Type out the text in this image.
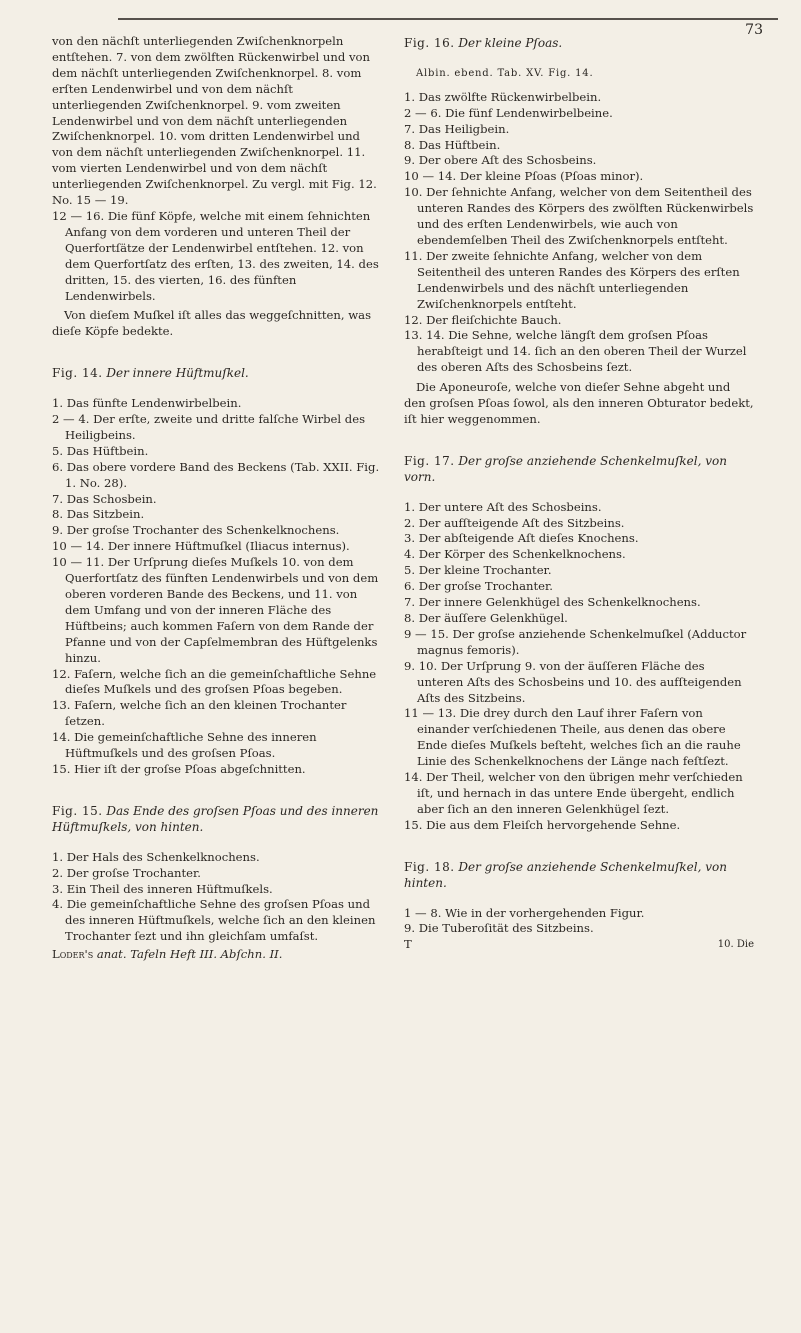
73

von den nächſt unterliegenden Zwiſchenknorpeln entſtehen. 7. von dem zwölften Rückenwirbel und von dem nächſt unterliegenden Zwiſchenknorpel. 8. vom erſten Lendenwirbel und von dem nächſt unterliegenden Zwiſchenknorpel. 9. vom zweiten Lendenwirbel und von dem nächſt unterliegenden Zwiſchenknorpel. 10. vom dritten Lendenwirbel und von dem nächſt unterliegenden Zwiſchenknorpel. 11. vom vierten Lendenwirbel und von dem nächſt unterliegenden Zwiſchenknorpel. Zu vergl. mit Fig. 12. No. 15 — 19.

12 — 16. Die fünf Köpfe, welche mit einem ſehnichten Anfang von dem vorderen und unteren Theil der Querfortſätze der Lendenwirbel entſtehen. 12. von dem Querfortſatz des erſten, 13. des zweiten, 14. des dritten, 15. des vierten, 16. des fünften Lendenwirbels.

Von dieſem Muſkel iſt alles das weggeſchnitten, was dieſe Köpfe bedekte.

Fig. 14. Der innere Hüftmuſkel.

1. Das fünfte Lendenwirbelbein.

2 — 4. Der erſte, zweite und dritte falſche Wirbel des Heiligbeins.

5. Das Hüftbein.

6. Das obere vordere Band des Beckens (Tab. XXII. Fig. 1. No. 28).

7. Das Schosbein.

8. Das Sitzbein.

9. Der groſse Trochanter des Schenkelknochens.

10 — 14. Der innere Hüftmuſkel (Iliacus internus).

10 — 11. Der Urſprung dieſes Muſkels 10. von dem Querfortſatz des fünften Lendenwirbels und von dem oberen vorderen Bande des Beckens, und 11. von dem Umfang und von der inneren Fläche des Hüftbeins; auch kommen Faſern von dem Rande der Pfanne und von der Capſelmembran des Hüftgelenks hinzu.

12. Faſern, welche ſich an die gemeinſchaftliche Sehne dieſes Muſkels und des groſsen Pſoas begeben.

13. Faſern, welche ſich an den kleinen Trochanter ſetzen.

14. Die gemeinſchaftliche Sehne des inneren Hüftmuſkels und des groſsen Pſoas.

15. Hier iſt der groſse Pſoas abgeſchnitten.

Fig. 15. Das Ende des groſsen Pſoas und des inneren Hüftmuſkels, von hinten.

1. Der Hals des Schenkelknochens.

2. Der groſse Trochanter.

3. Ein Theil des inneren Hüftmuſkels.

4. Die gemeinſchaftliche Sehne des groſsen Pſoas und des inneren Hüftmuſkels, welche ſich an den kleinen Trochanter ſezt und ihn gleichſam umfaſst.

Loder's anat. Tafeln Heft III. Abſchn. II.

Fig. 16. Der kleine Pſoas.

Albin. ebend. Tab. XV. Fig. 14.

1. Das zwölfte Rückenwirbelbein.

2 — 6. Die fünf Lendenwirbelbeine.

7. Das Heiligbein.

8. Das Hüftbein.

9. Der obere Aſt des Schosbeins.

10 — 14. Der kleine Pſoas (Pſoas minor).

10. Der ſehnichte Anfang, welcher von dem Seitentheil des unteren Randes des Körpers des zwölften Rückenwirbels und des erſten Lendenwirbels, wie auch von ebendemſelben Theil des Zwiſchenknorpels entſteht.

11. Der zweite ſehnichte Anfang, welcher von dem Seitentheil des unteren Randes des Körpers des erſten Lendenwirbels und des nächſt unterliegenden Zwiſchenknorpels entſteht.

12. Der fleiſchichte Bauch.

13. 14. Die Sehne, welche längſt dem groſsen Pſoas herabſteigt und 14. ſich an den oberen Theil der Wurzel des oberen Aſts des Schosbeins ſezt.

Die Aponeuroſe, welche von dieſer Sehne abgeht und den groſsen Pſoas ſowol, als den inneren Obturator bedekt, iſt hier weggenommen.

Fig. 17. Der groſse anziehende Schenkelmuſkel, von vorn.

1. Der untere Aſt des Schosbeins.

2. Der aufſteigende Aſt des Sitzbeins.

3. Der abſteigende Aſt dieſes Knochens.

4. Der Körper des Schenkelknochens.

5. Der kleine Trochanter.

6. Der groſse Trochanter.

7. Der innere Gelenkhügel des Schenkelknochens.

8. Der äuſſere Gelenkhügel.

9 — 15. Der groſse anziehende Schenkelmuſkel (Adductor magnus femoris).

9. 10. Der Urſprung 9. von der äuſſeren Fläche des unteren Aſts des Schosbeins und 10. des aufſteigenden Aſts des Sitzbeins.

11 — 13. Die drey durch den Lauf ihrer Faſern von einander verſchiedenen Theile, aus denen das obere Ende dieſes Muſkels beſteht, welches ſich an die rauhe Linie des Schenkelknochens der Länge nach feſtſezt.

14. Der Theil, welcher von den übrigen mehr verſchieden iſt, und hernach in das untere Ende übergeht, endlich aber ſich an den inneren Gelenkhügel ſezt.

15. Die aus dem Fleiſch hervorgehende Sehne.

Fig. 18. Der groſse anziehende Schenkelmuſkel, von hinten.

1 — 8. Wie in der vorhergehenden Figur.

9. Die Tuberoſität des Sitzbeins.

T	10. Die
